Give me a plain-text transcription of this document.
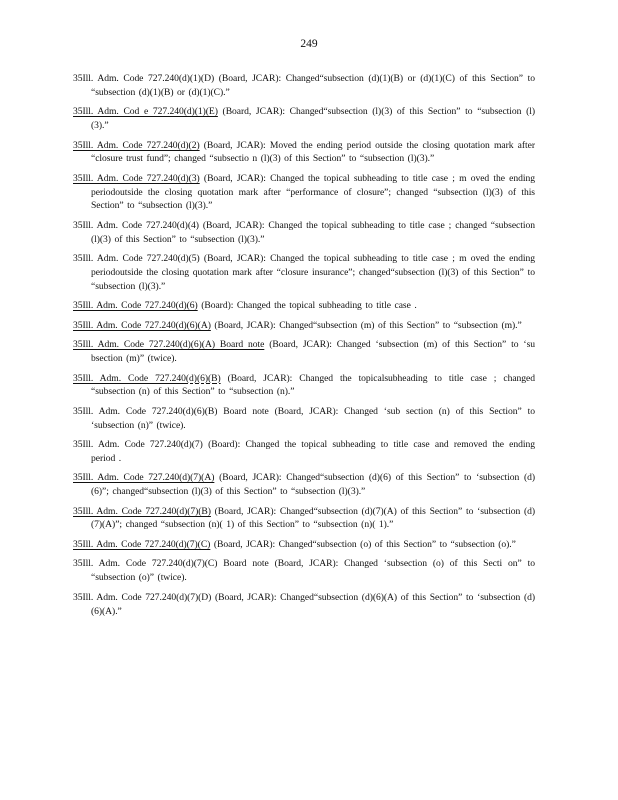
249

35Ill. Adm. Code 727.240(d)(1)(D) (Board, JCAR): Changed“subsection (d)(1)(B) or (d)(1)(C) of this Section” to “subsection (d)(1)(B) or (d)(1)(C).”

35Ill. Adm. Cod e 727.240(d)(1)(E) (Board, JCAR): Changed“subsection (l)(3) of this Section” to “subsection (l)(3).”

35Ill. Adm. Code 727.240(d)(2) (Board, JCAR): Moved the ending period outside the closing quotation mark after “closure trust fund”; changed “subsectio n (l)(3) of this Section” to “subsection (l)(3).”

35Ill. Adm. Code 727.240(d)(3) (Board, JCAR): Changed the topical subheading to title case ; m oved the ending periodoutside the closing quotation mark after “performance of closure”; changed “subsection (l)(3) of this Section” to “subsection (l)(3).”

35Ill. Adm. Code 727.240(d)(4) (Board, JCAR): Changed the topical subheading to title case ; changed “subsection (l)(3) of this Section” to “subsection (l)(3).”

35Ill. Adm. Code 727.240(d)(5) (Board, JCAR): Changed the topical subheading to title case ; m oved the ending periodoutside the closing quotation mark after “closure insurance”; changed“subsection (l)(3) of this Section” to “subsection (l)(3).”

35Ill. Adm. Code 727.240(d)(6) (Board): Changed the topical subheading to title case .

35Ill. Adm. Code 727.240(d)(6)(A) (Board, JCAR): Changed“subsection (m) of this Section” to “subsection (m).”

35Ill. Adm. Code 727.240(d)(6)(A) Board note (Board, JCAR): Changed ‘subsection (m) of this Section” to ‘su bsection (m)” (twice).

35Ill. Adm. Code 727.240(d)(6)(B) (Board, JCAR): Changed the topicalsubheading to title case ; changed “subsection (n) of this Section” to “subsection (n).”

35Ill. Adm. Code 727.240(d)(6)(B) Board note (Board, JCAR): Changed ‘sub section (n) of this Section” to ‘subsection (n)” (twice).

35Ill. Adm. Code 727.240(d)(7) (Board): Changed the topical subheading to title case and removed the ending period .

35Ill. Adm. Code 727.240(d)(7)(A) (Board, JCAR): Changed“subsection (d)(6) of this Section” to ‘subsection (d)(6)”; changed“subsection (l)(3) of this Section” to “subsection (l)(3).”

35Ill. Adm. Code 727.240(d)(7)(B) (Board, JCAR): Changed“subsection (d)(7)(A) of this Section” to ‘subsection (d)(7)(A)”; changed “subsection (n)( 1) of this Section” to “subsection (n)( 1).”

35Ill. Adm. Code 727.240(d)(7)(C) (Board, JCAR): Changed“subsection (o) of this Section” to “subsection (o).”

35Ill. Adm. Code 727.240(d)(7)(C) Board note (Board, JCAR): Changed ‘subsection (o) of this Secti on” to “subsection (o)” (twice).

35Ill. Adm. Code 727.240(d)(7)(D) (Board, JCAR): Changed“subsection (d)(6)(A) of this Section” to ‘subsection (d)(6)(A).”
